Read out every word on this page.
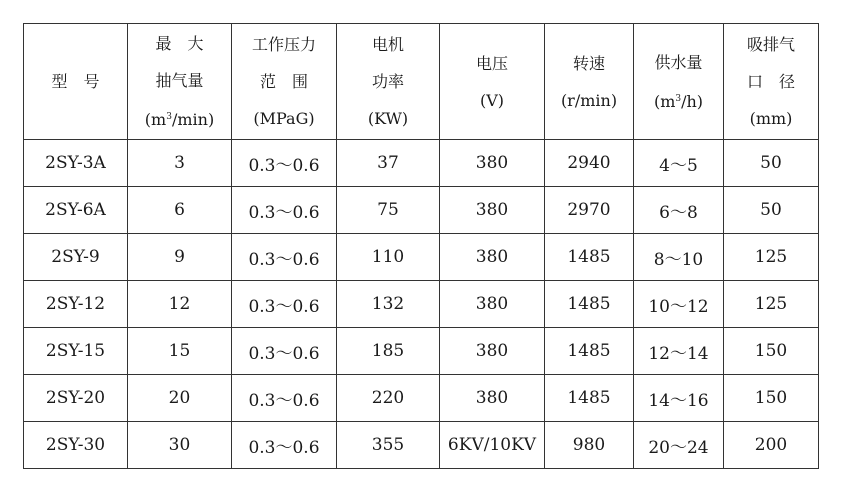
型　号	最　大
抽气量
$(m^3/\min)$	工作压力
范　围
(MPaG)	电机
功率
(KW)	电压
(V)	转速
(r/min)	供水量
$(m^3/h)$	吸排气
口　径
(mm)

2SY-3A	3	0.3～0.6	37	380	2940	4～5	50
2SY-6A	6	0.3～0.6	75	380	2970	6～8	50
2SY-9	9	0.3～0.6	110	380	1485	8～10	125
2SY-12	12	0.3～0.6	132	380	1485	10～12	125
2SY-15	15	0.3～0.6	185	380	1485	12～14	150
2SY-20	20	0.3～0.6	220	380	1485	14～16	150
2SY-30	30	0.3～0.6	355	6KV/10KV	980	20～24	200
